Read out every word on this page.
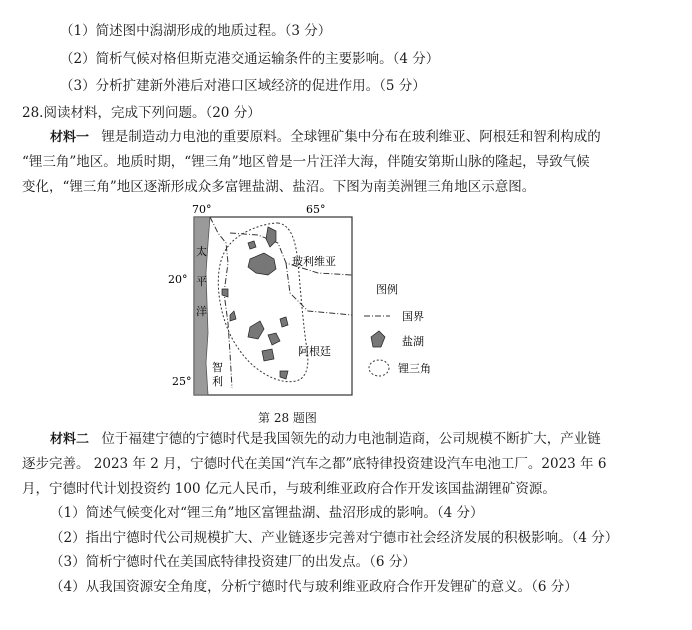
（1）简述图中潟湖形成的地质过程。（3 分）
（2）简析气候对格但斯克港交通运输条件的主要影响。（4 分）
（3）分析扩建新外港后对港口区域经济的促进作用。（5 分）
28.阅读材料，完成下列问题。（20 分）
材料一 锂是制造动力电池的重要原料。全球锂矿集中分布在玻利维亚、阿根廷和智利构成的
“锂三角”地区。地质时期，“锂三角”地区曾是一片汪洋大海，伴随安第斯山脉的隆起，导致气候
变化，“锂三角”地区逐渐形成众多富锂盐湖、盐沼。下图为南美洲锂三角地区示意图。
70°	65°
20°
25°
太
平
洋
玻利维亚
阿根廷
智
利
图例
国界
盐湖
锂三角
第 28 题图
材料二 位于福建宁德的宁德时代是我国领先的动力电池制造商，公司规模不断扩大，产业链
逐步完善。 2023 年 2 月，宁德时代在美国“汽车之都”底特律投资建设汽车电池工厂。2023 年 6
月，宁德时代计划投资约 100 亿元人民币，与玻利维亚政府合作开发该国盐湖锂矿资源。
（1）简述气候变化对“锂三角”地区富锂盐湖、盐沼形成的影响。（4 分）
（2）指出宁德时代公司规模扩大、产业链逐步完善对宁德市社会经济发展的积极影响。（4 分）
（3）简析宁德时代在美国底特律投资建厂的出发点。（6 分）
（4）从我国资源安全角度，分析宁德时代与玻利维亚政府合作开发锂矿的意义。（6 分）
